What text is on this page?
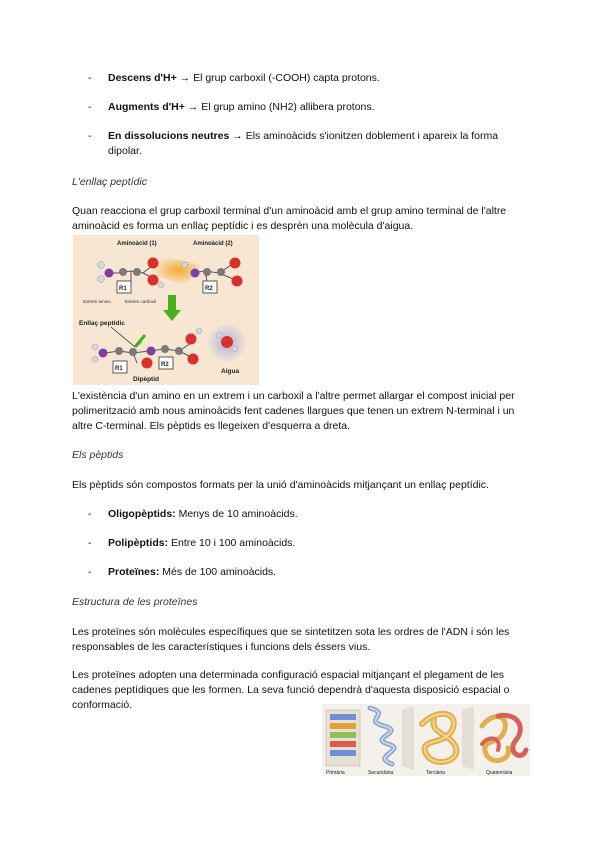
- Descens d'H+ → El grup carboxil (-COOH) capta protons.
- Augments d'H+ → El grup amino (NH2) allibera protons.
- En dissolucions neutres → Els aminoàcids s'ionitzen doblement i apareix la forma dipolar.
L'enllaç peptídic

Quan reacciona el grup carboxil terminal d'un aminoàcid amb el grup amino terminal de l'altre aminoàcid es forma un enllaç peptídic i es desprèn una molècula d'aigua.

Aminoàcid (1)	Aminoàcid (2)
R1	R2
Extrem amino	Extrem carboxil
Enllaç peptídic
R1
R2
Dipèptid
Aigua

L'existència d'un amino en un extrem i un carboxil a l'altre permet allargar el compost inicial per polimerització amb nous aminoàcids fent cadenes llargues que tenen un extrem N-terminal i un altre C-terminal. Els pèptids es llegeixen d'esquerra a dreta.

Els pèptids

Els pèptids són compostos formats per la unió d'aminoàcids mitjançant un enllaç peptídic.

- Oligopèptids: Menys de 10 aminoàcids.
- Polipèptids: Entre 10 i 100 aminoàcids.
- Proteïnes: Més de 100 aminoàcids.
Estructura de les proteïnes

Les proteïnes són molècules específiques que se sintetitzen sota les ordres de l'ADN i són les responsables de les característiques i funcions dels éssers vius.

Les proteïnes adopten una determinada configuració espacial mitjançant el plegament de les cadenes peptídiques que les formen. La seva funció dependrà d'aquesta disposició espacial o conformació.

Primària	Secundària	Terciària	Quaternària
